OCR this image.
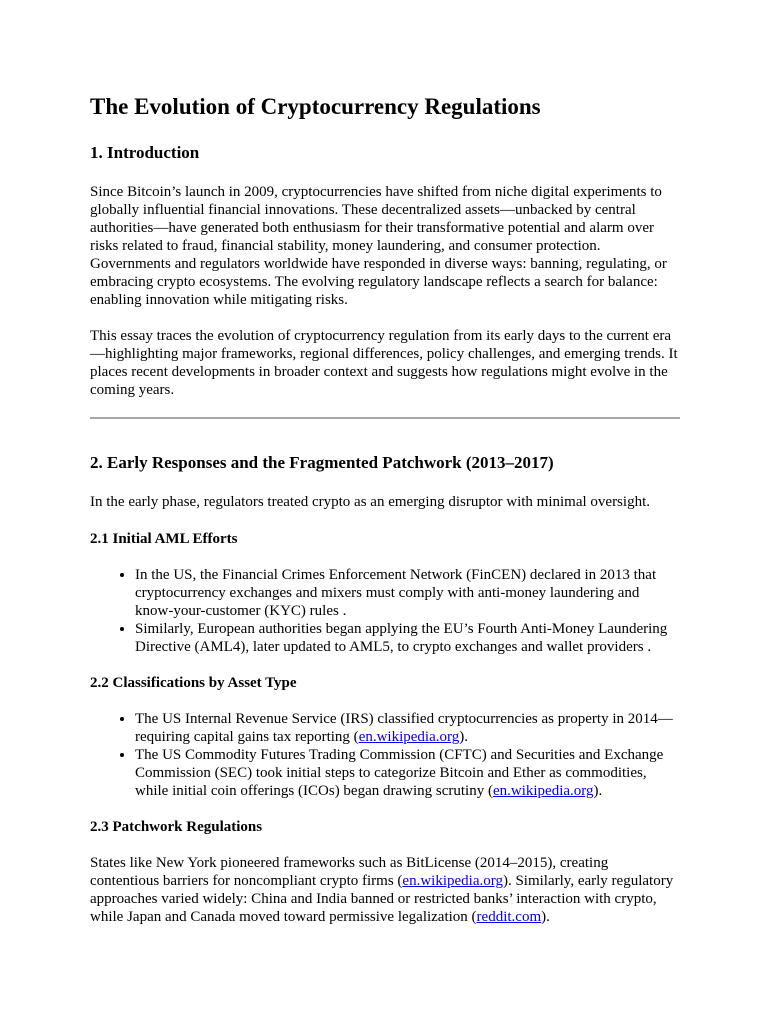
The Evolution of Cryptocurrency Regulations
1. Introduction

Since Bitcoin’s launch in 2009, cryptocurrencies have shifted from niche digital experiments to globally influential financial innovations. These decentralized assets—unbacked by central authorities—have generated both enthusiasm for their transformative potential and alarm over risks related to fraud, financial stability, money laundering, and consumer protection. Governments and regulators worldwide have responded in diverse ways: banning, regulating, or embracing crypto ecosystems. The evolving regulatory landscape reflects a search for balance: enabling innovation while mitigating risks.

This essay traces the evolution of cryptocurrency regulation from its early days to the current era—highlighting major frameworks, regional differences, policy challenges, and emerging trends. It places recent developments in broader context and suggests how regulations might evolve in the coming years.

2. Early Responses and the Fragmented Patchwork (2013–2017)

In the early phase, regulators treated crypto as an emerging disruptor with minimal oversight.

2.1 Initial AML Efforts
• In the US, the Financial Crimes Enforcement Network (FinCEN) declared in 2013 that cryptocurrency exchanges and mixers must comply with anti-money laundering and know-your-customer (KYC) rules .
• Similarly, European authorities began applying the EU’s Fourth Anti-Money Laundering Directive (AML4), later updated to AML5, to crypto exchanges and wallet providers .
2.2 Classifications by Asset Type
• The US Internal Revenue Service (IRS) classified cryptocurrencies as property in 2014—requiring capital gains tax reporting (en.wikipedia.org).
• The US Commodity Futures Trading Commission (CFTC) and Securities and Exchange Commission (SEC) took initial steps to categorize Bitcoin and Ether as commodities, while initial coin offerings (ICOs) began drawing scrutiny (en.wikipedia.org).
2.3 Patchwork Regulations

States like New York pioneered frameworks such as BitLicense (2014–2015), creating contentious barriers for noncompliant crypto firms (en.wikipedia.org). Similarly, early regulatory approaches varied widely: China and India banned or restricted banks’ interaction with crypto, while Japan and Canada moved toward permissive legalization (reddit.com).
